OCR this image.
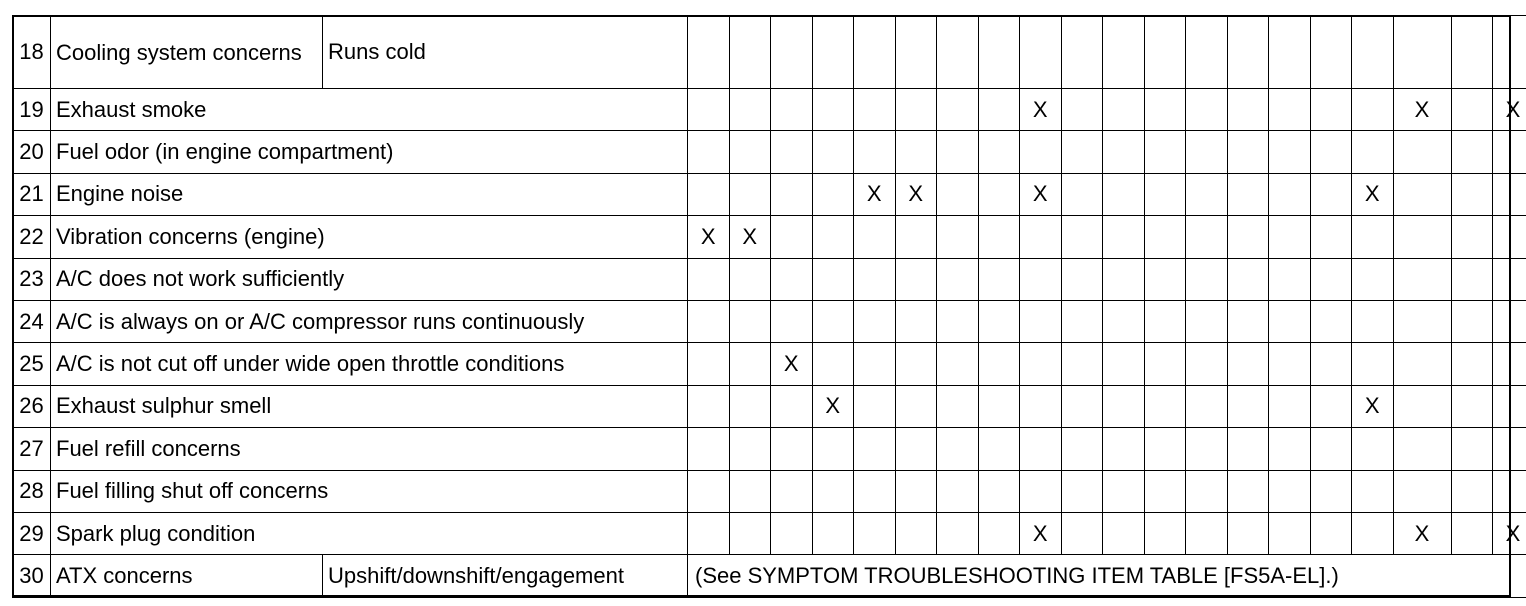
18	Cooling system concerns	Runs cold																				
19	Exhaust smoke										X									X		X
20	Fuel odor (in engine compartment)																					
21	Engine noise						X	X			X								X			
22	Vibration concerns (engine)		X	X																		
23	A/C does not work sufficiently																					
24	A/C is always on or A/C compressor runs continuously																					
25	A/C is not cut off under wide open throttle conditions				X																	
26	Exhaust sulphur smell					X													X			
27	Fuel refill concerns																					
28	Fuel filling shut off concerns																					
29	Spark plug condition										X									X		X
30	ATX concerns	Upshift/downshift/engagement	(See SYMPTOM TROUBLESHOOTING ITEM TABLE [FS5A-EL].)																			
